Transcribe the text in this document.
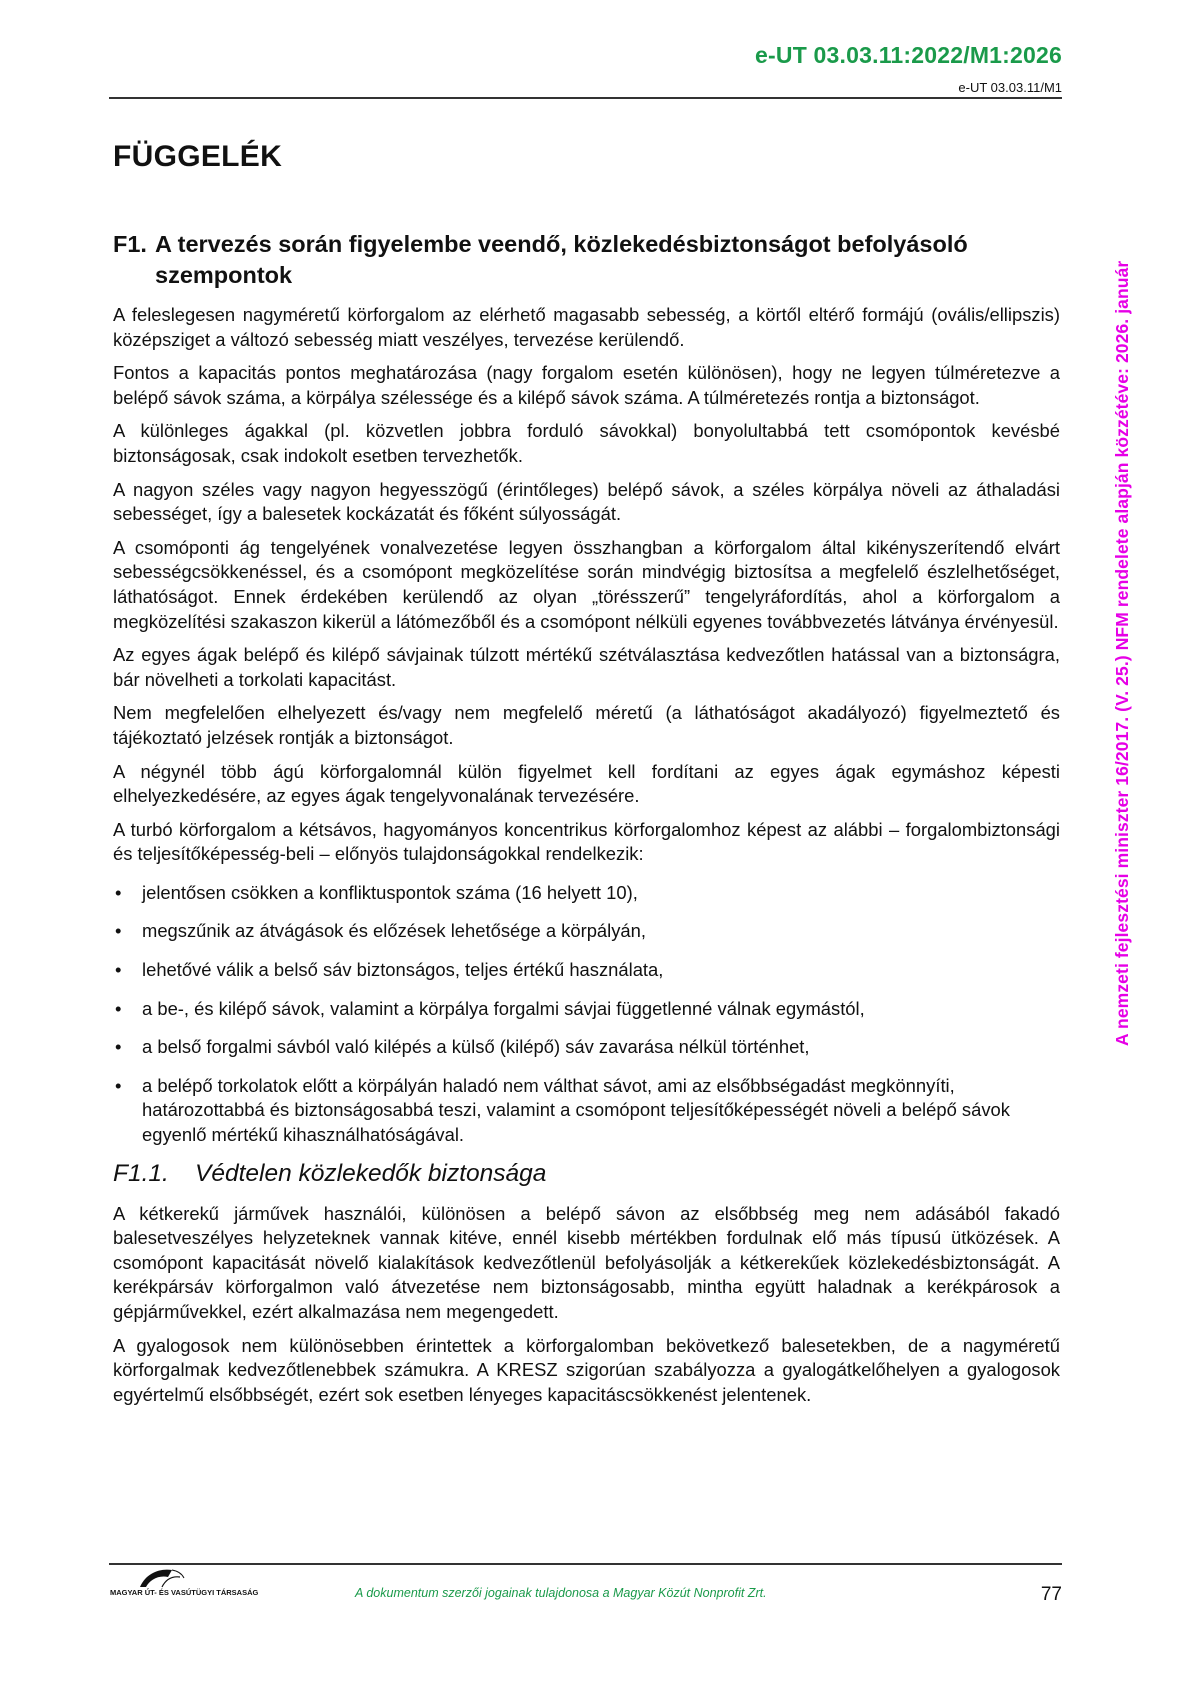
e-UT 03.03.11:2022/M1:2026
e-UT 03.03.11/M1
A nemzeti fejlesztési miniszter 16/2017. (V. 25.) NFM rendelete alapján közzétéve: 2026. január
FÜGGELÉK
F1. A tervezés során figyelembe veendő, közlekedésbiztonságot befolyásoló szempontok

A feleslegesen nagyméretű körforgalom az elérhető magasabb sebesség, a körtől eltérő formájú (ovális/ellipszis) középsziget a változó sebesség miatt veszélyes, tervezése kerülendő.

Fontos a kapacitás pontos meghatározása (nagy forgalom esetén különösen), hogy ne legyen túlméretezve a belépő sávok száma, a körpálya szélessége és a kilépő sávok száma. A túlméretezés rontja a biztonságot.

A különleges ágakkal (pl. közvetlen jobbra forduló sávokkal) bonyolultabbá tett csomópontok kevésbé biztonságosak, csak indokolt esetben tervezhetők.

A nagyon széles vagy nagyon hegyesszögű (érintőleges) belépő sávok, a széles körpálya növeli az áthaladási sebességet, így a balesetek kockázatát és főként súlyosságát.

A csomóponti ág tengelyének vonalvezetése legyen összhangban a körforgalom által kikényszerítendő elvárt sebességcsökkenéssel, és a csomópont megközelítése során mindvégig biztosítsa a megfelelő észlelhetőséget, láthatóságot. Ennek érdekében kerülendő az olyan „törésszerű” tengelyráfordítás, ahol a körforgalom a megközelítési szakaszon kikerül a látómezőből és a csomópont nélküli egyenes továbbvezetés látványa érvényesül.

Az egyes ágak belépő és kilépő sávjainak túlzott mértékű szétválasztása kedvezőtlen hatással van a biztonságra, bár növelheti a torkolati kapacitást.

Nem megfelelően elhelyezett és/vagy nem megfelelő méretű (a láthatóságot akadályozó) figyelmeztető és tájékoztató jelzések rontják a biztonságot.

A négynél több ágú körforgalomnál külön figyelmet kell fordítani az egyes ágak egymáshoz képesti elhelyezkedésére, az egyes ágak tengelyvonalának tervezésére.

A turbó körforgalom a kétsávos, hagyományos koncentrikus körforgalomhoz képest az alábbi – forgalombiztonsági és teljesítőképesség-beli – előnyös tulajdonságokkal rendelkezik:

•	jelentősen csökken a konfliktuspontok száma (16 helyett 10),
•	megszűnik az átvágások és előzések lehetősége a körpályán,
•	lehetővé válik a belső sáv biztonságos, teljes értékű használata,
•	a be-, és kilépő sávok, valamint a körpálya forgalmi sávjai függetlenné válnak egymástól,
•	a belső forgalmi sávból való kilépés a külső (kilépő) sáv zavarása nélkül történhet,
•	a belépő torkolatok előtt a körpályán haladó nem válthat sávot, ami az elsőbbségadást megkönnyíti, határozottabbá és biztonságosabbá teszi, valamint a csomópont teljesítőképességét növeli a belépő sávok egyenlő mértékű kihasználhatóságával.
F1.1.	Védtelen közlekedők biztonsága

A kétkerekű járművek használói, különösen a belépő sávon az elsőbbség meg nem adásából fakadó balesetveszélyes helyzeteknek vannak kitéve, ennél kisebb mértékben fordulnak elő más típusú ütközések. A csomópont kapacitását növelő kialakítások kedvezőtlenül befolyásolják a kétkerekűek közlekedésbiztonságát. A kerékpársáv körforgalmon való átvezetése nem biztonságosabb, mintha együtt haladnak a kerékpárosok a gépjárművekkel, ezért alkalmazása nem megengedett.

A gyalogosok nem különösebben érintettek a körforgalomban bekövetkező balesetekben, de a nagyméretű körforgalmak kedvezőtlenebbek számukra. A KRESZ szigorúan szabályozza a gyalogátkelőhelyen a gyalogosok egyértelmű elsőbbségét, ezért sok esetben lényeges kapacitáscsökkenést jelentenek.

MAGYAR ÚT- ÉS VASÚTÜGYI TÁRSASÁG	A dokumentum szerzői jogainak tulajdonosa a Magyar Közút Nonprofit Zrt.	77
